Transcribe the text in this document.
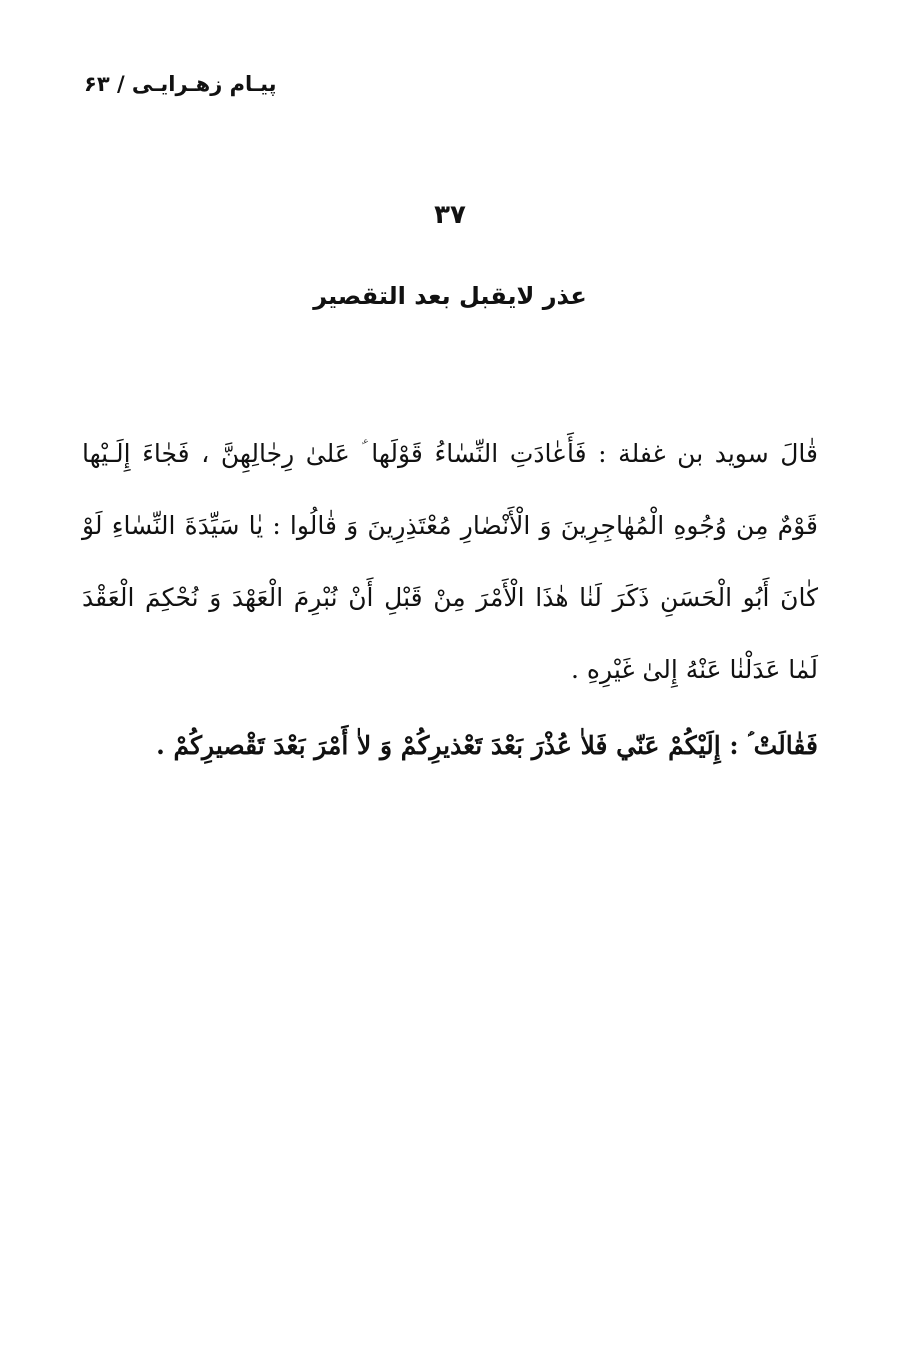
پیـام زهـرایـی / ۶۳
۳۷
عذر لایقبل بعد التقصیر

قٰالَ سوید بن غفلة : فَأَعٰادَتِ النِّسٰاءُ قَوْلَها ؑ عَلیٰ رِجٰالِهِنَّ ، فَجٰاءَ إِلَـيْها قَوْمٌ مِن وُجُوهِ الْمُهٰاجِرِينَ وَ الْأَنْصٰارِ مُعْتَذِرِينَ وَ قٰالُوا : يٰا سَيِّدَةَ النِّسٰاءِ لَوْ كٰانَ أَبُو الْحَسَنِ ذَكَرَ لَنٰا هٰذَا الْأَمْرَ مِنْ قَبْلِ أَنْ نُبْرِمَ الْعَهْدَ وَ نُحْكِمَ الْعَقْدَ لَمٰا عَدَلْنٰا عَنْهُ إِلیٰ غَيْرِهِ .

فَقٰالَتْ ؑ : إِلَيْكُمْ عَنّي فَلاٰ عُذْرَ بَعْدَ تَعْذيرِكُمْ وَ لاٰ أَمْرَ بَعْدَ تَقْصيرِكُمْ .
